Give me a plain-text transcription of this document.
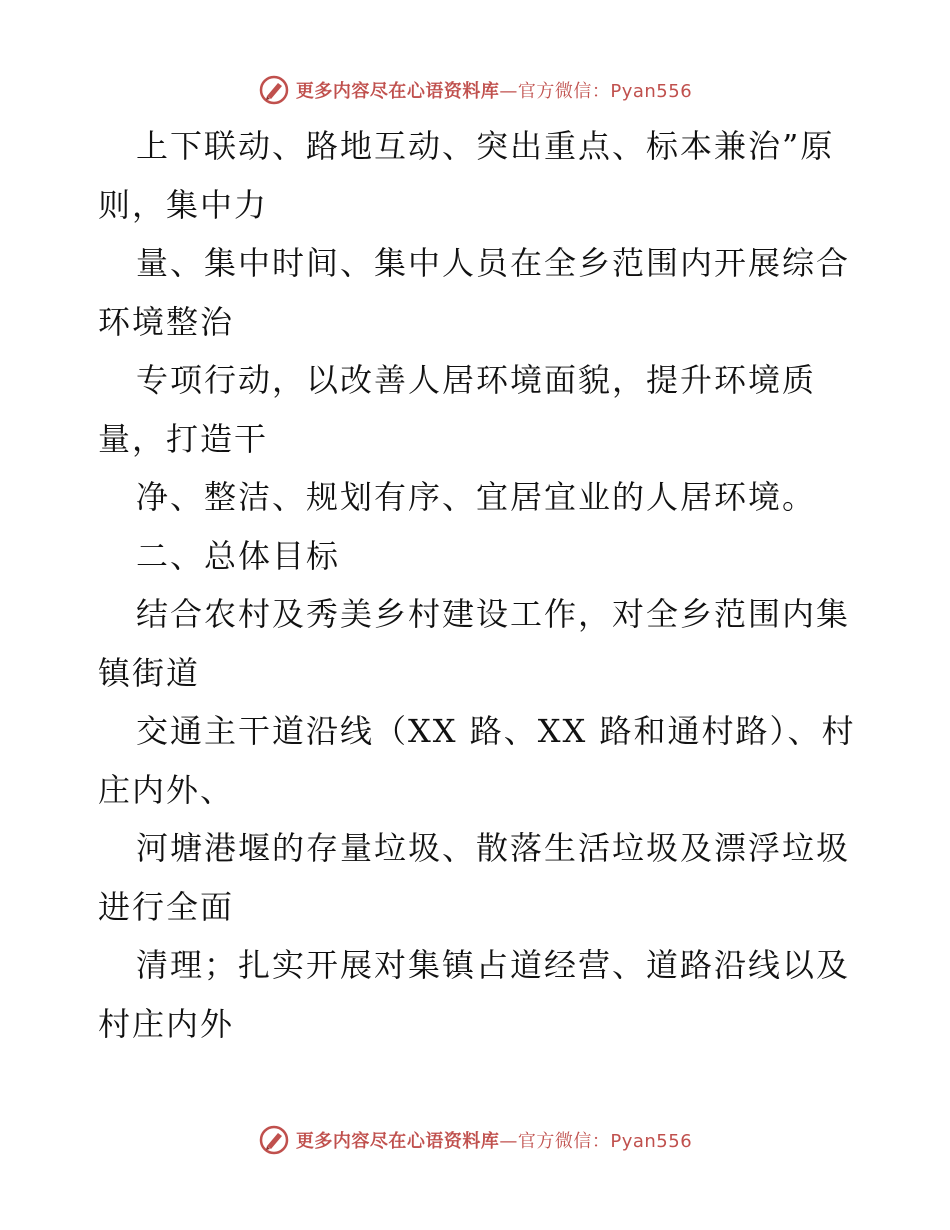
更多内容尽在心语资料库—官方微信：Pyan556
上下联动、路地互动、突出重点、标本兼治”原
则，集中力
量、集中时间、集中人员在全乡范围内开展综合
环境整治
专项行动，以改善人居环境面貌，提升环境质
量，打造干
净、整洁、规划有序、宜居宜业的人居环境。
二、总体目标
结合农村及秀美乡村建设工作，对全乡范围内集
镇街道
交通主干道沿线（XX 路、XX 路和通村路）、村
庄内外、
河塘港堰的存量垃圾、散落生活垃圾及漂浮垃圾
进行全面
清理；扎实开展对集镇占道经营、道路沿线以及
村庄内外
更多内容尽在心语资料库—官方微信：Pyan556
